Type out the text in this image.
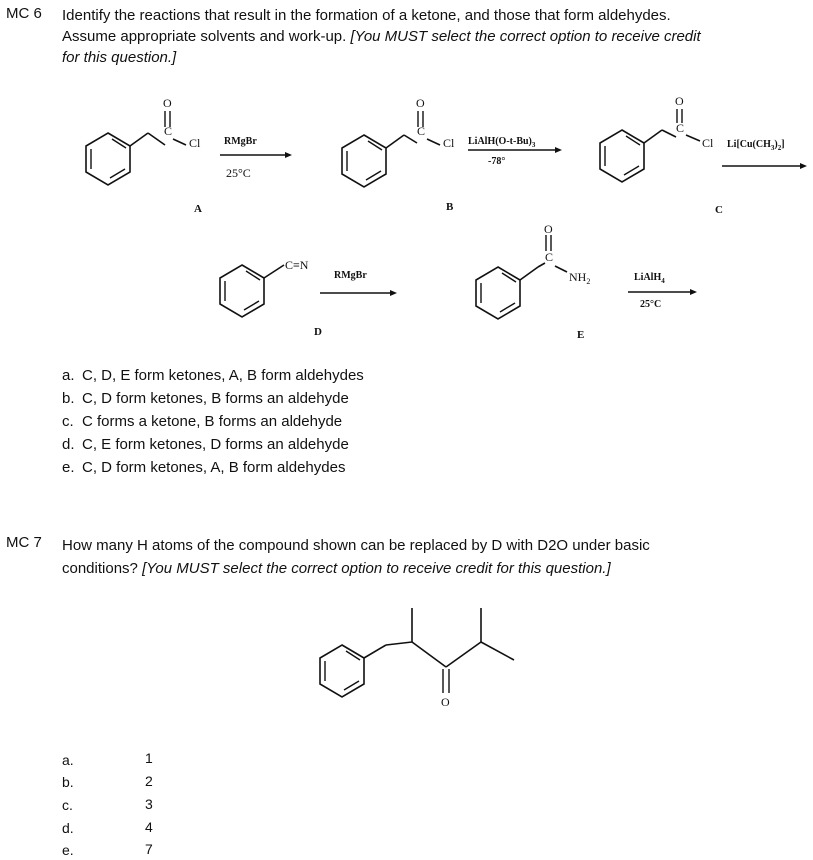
MC 6 Identify the reactions that result in the formation of a ketone, and those that form aldehydes.
Assume appropriate solvents and work-up. [You MUST select the correct option to receive credit
for this question.]
O
C
Cl RMgBr
25°C
A
O
C
Cl $LiAlH(O-t-Bu)_3$
-78°
B
O
C
Cl $Li[Cu(CH_3)_2]$
C
C≡N
RMgBr
D
O
C
$NH_2$	LiAlH$_4$
25°C
E
a. C, D, E form ketones, A, B form aldehydes
b. C, D form ketones, B forms an aldehyde
c. C forms a ketone, B forms an aldehyde
d. C, E form ketones, D forms an aldehyde
e. C, D form ketones, A, B form aldehydes
MC 7 How many H atoms of the compound shown can be replaced by D with D2O under basic
conditions? [You MUST select the correct option to receive credit for this question.]
O
a.	1
b.	2
c.	3
d.	4
e.	7
